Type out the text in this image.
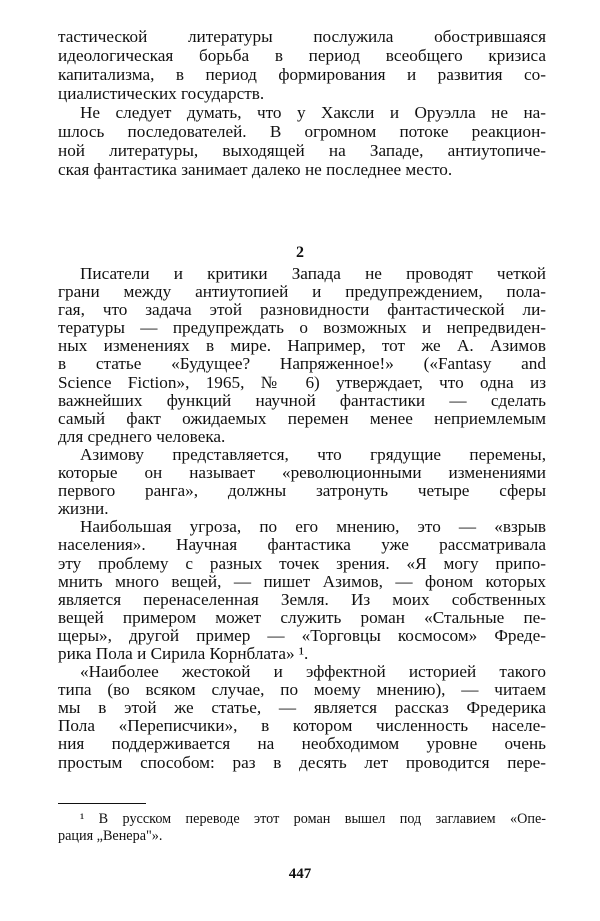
тастической литературы послужила обострившаяся
идеологическая борьба в период всеобщего кризиса
капитализма, в период формирования и развития со-
циалистических государств.
Не следует думать, что у Хаксли и Оруэлла не на-
шлось последователей. В огромном потоке реакцион-
ной литературы, выходящей на Западе, антиутопиче-
ская фантастика занимает далеко не последнее место.
2
Писатели и критики Запада не проводят четкой
грани между антиутопией и предупреждением, пола-
гая, что задача этой разновидности фантастической ли-
тературы — предупреждать о возможных и непредвиден-
ных изменениях в мире. Например, тот же А. Азимов
в статье «Будущее? Напряженное!» («Fantasy and
Science Fiction», 1965, № 6) утверждает, что одна из
важнейших функций научной фантастики — сделать
самый факт ожидаемых перемен менее неприемлемым
для среднего человека.
Азимову представляется, что грядущие перемены,
которые он называет «революционными изменениями
первого ранга», должны затронуть четыре сферы
жизни.
Наибольшая угроза, по его мнению, это — «взрыв
населения». Научная фантастика уже рассматривала
эту проблему с разных точек зрения. «Я могу припо-
мнить много вещей, — пишет Азимов, — фоном которых
является перенаселенная Земля. Из моих собственных
вещей примером может служить роман «Стальные пе-
щеры», другой пример — «Торговцы космосом» Фреде-
рика Пола и Сирила Корнблата» ¹.
«Наиболее жестокой и эффектной историей такого
типа (во всяком случае, по моему мнению), — читаем
мы в этой же статье, — является рассказ Фредерика
Пола «Переписчики», в котором численность населе-
ния поддерживается на необходимом уровне очень
простым способом: раз в десять лет проводится пере-
¹ В русском переводе этот роман вышел под заглавием «Опе-
рация „Венера"».
447
